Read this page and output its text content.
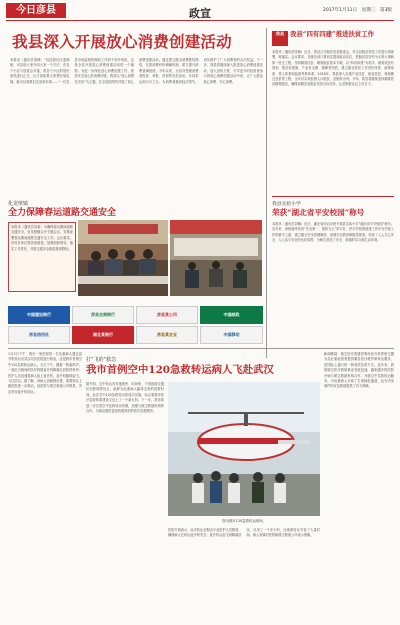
今日彦县	政宣	2017年1月11日 星期三 第3版
我县深入开展放心消费创建活动
本报讯（通讯员周博）“包括我们区委调研，可以给大家介绍大家一个方法，在各个小区与居委会对接，将各个小区的居民意见进行汇总，比方说如果大家想安装电梯，就可以到我们这里来申请……”一位在县市场监督管理局工作的干部介绍说，这是全县开展放心消费创建活动的一个缩影。为进一步深化放心消费创建工作，营造安全放心的消费环境，我县以“放心消费在彦县”为主题，在全县范围内开展了放心消费创建活动，通过建立健全消费维权网络，完善消费纠纷调解机制，着力提升消费者满意度。今年以来，全县共受理消费者投诉、举报、咨询等各类诉求，办结率达到百分之百，为消费者挽回经济损失，切实维护了广大消费者的合法权益。下一步，我县将继续深入推进放心消费创建活动，加大宣传力度，引导更多的经营者参与到放心消费创建活动中来，让广大群众放心消费、安心消费。
我县 我县“四有四建”推进扶贫工作
本报讯（通讯员张晓）近日，我县召开脱贫攻坚推进会，对全县脱贫攻坚工作进行再部署、再落实。会议要求，各级各部门要切实提高政治站位，把脱贫攻坚作为头等大事和第一民生工程，坚持精准扶贫、精准脱贫基本方略，以“四有四建”为抓手，做到扶贫有规划、帮扶有措施、产业有支撑、保障有兜底，建立健全扶贫工作责任体系、政策体系、投入体系和监督考核体系。2016年，我县深入实施产业扶贫、就业扶贫、易地搬迁扶贫等工程，全年共实现贫困人口脱贫，贫困村出列。今年，我县将继续坚持精准扶贫精准脱贫，确保如期完成脱贫攻坚目标任务，让贫困群众过上好日子。
化龙壁镇
全力保障春运道路交通安全
本报讯（通讯员刘某）为确保春运期间道路交通安全，化龙壁镇召开专题会议，安排部署春运期间道路交通安全工作。会议要求，各村各单位要高度重视，加强组织领导，落实工作责任，开展交通安全隐患排查整治。
我县实验小学
荣获“湖北省平安校园”称号
本报讯（通讯员刘琳）近日，湖北省综治办授予我县实验小学“湖北省平安校园”称号。近年来，该校始终坚持“安全第一、预防为主”的方针，把平安校园创建工作作为学校工作的重中之重，建立健全安全管理制度，加强安全教育和隐患排查，形成了人人关心安全、人人参与安全的良好氛围，为师生营造了安全、和谐的学习和生活环境。
中国建设银行	彦县农商银行	彦县某公司	中国邮政
彦县信用社	湖北某银行	彦县某农业	中国移动
打“飞的”救急
我市首例空中120急救转运病人飞赴武汉
1月3日下午，我市一家医院将一名危重病人通过直升机转运至武汉同济医院进行救治，这是我市首例空中120急救转运病人。当天下午，随着一阵轰鸣声，一架红白相间的医疗救援直升机降落在医院停机坪。医护人员迅速将病人抬上直升机，直升机随即起飞，飞往武汉。据了解，该病人因病情危重，需要转往上级医院进一步救治，经医院与航空救援公司联系，决定采用直升机转运。
图为我市120急救转运现场。
据介绍，空中转运具有速度快、时间短、不受地面交通状况影响等优点，能够为危重病人赢得宝贵的抢救时间。此次空中120急救转运的成功实施，标志着我市医疗急救体系建设又迈上了一个新台阶。下一步，我市将进一步完善空中急救转运机制，加强与航空救援机构的合作，为群众提供更加快捷高效的医疗急救服务。
医院方面表示，此次转运全程由专业医护人员陪同，确保病人在转运途中的安全。直升机从起飞到降落武汉，仅用了一个多小时，比地面转运节省了大量时间。病人家属对医院和航空救援公司表示感谢。
新闻链接：航空医疗救援是利用直升机等航空器为急危重症患者提供紧急医疗救护和转运服务，是国际上通行的一种高效急救方式。近年来，我国航空医疗救援事业发展迅速，越来越多的医院开始与航空救援机构合作，开展空中急救转运服务，为危重病人开辟了生命绿色通道，也为突发事件的应急救援提供了有力保障。
